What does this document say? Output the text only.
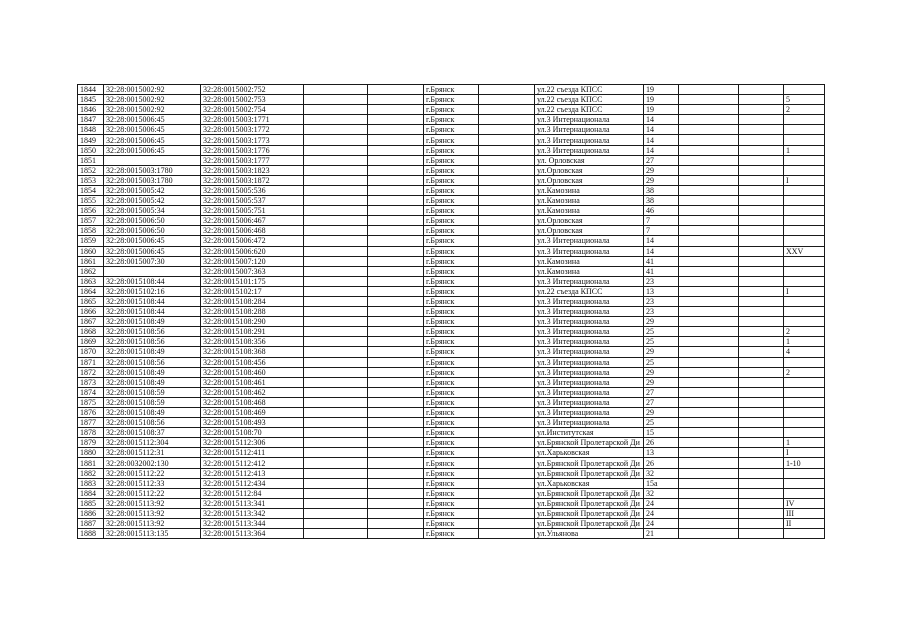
1844	32:28:0015002:92	32:28:0015002:752			г.Брянск		ул.22 съезда КПСС	19			
1845	32:28:0015002:92	32:28:0015002:753			г.Брянск		ул.22 съезда КПСС	19			5
1846	32:28:0015002:92	32:28:0015002:754			г.Брянск		ул.22 съезда КПСС	19			2
1847	32:28:0015006:45	32:28:0015003:1771			г.Брянск		ул.3 Интернационала	14			
1848	32:28:0015006:45	32:28:0015003:1772			г.Брянск		ул.3 Интернационала	14			
1849	32:28:0015006:45	32:28:0015003:1773			г.Брянск		ул.3 Интернационала	14			
1850	32:28:0015006:45	32:28:0015003:1776			г.Брянск		ул.3 Интернационала	14			1
1851		32:28:0015003:1777			г.Брянск		ул. Орловская	27			
1852	32:28:0015003:1780	32:28:0015003:1823			г.Брянск		ул.Орловская	29			
1853	32:28:0015003:1780	32:28:0015003:1872			г.Брянск		ул.Орловская	29			I
1854	32:28:0015005:42	32:28:0015005:536			г.Брянск		ул.Камозина	38			
1855	32:28:0015005:42	32:28:0015005:537			г.Брянск		ул.Камозина	38			
1856	32:28:0015005:34	32:28:0015005:751			г.Брянск		ул.Камозина	46			
1857	32:28:0015006:50	32:28:0015006:467			г.Брянск		ул.Орловская	7			
1858	32:28:0015006:50	32:28:0015006:468			г.Брянск		ул.Орловская	7			
1859	32:28:0015006:45	32:28:0015006:472			г.Брянск		ул.3 Интернационала	14			
1860	32:28:0015006:45	32:28:0015006:620			г.Брянск		ул.3 Интернационала	14			XXV
1861	32:28:0015007:30	32:28:0015007:120			г.Брянск		ул.Камозина	41			
1862		32:28:0015007:363			г.Брянск		ул.Камозина	41			
1863	32:28:0015108:44	32:28:0015101:175			г.Брянск		ул.3 Интернационала	23			
1864	32:28:0015102:16	32:28:0015102:17			г.Брянск		ул.22 съезда КПСС	13			I
1865	32:28:0015108:44	32:28:0015108:284			г.Брянск		ул.3 Интернационала	23			
1866	32:28:0015108:44	32:28:0015108:288			г.Брянск		ул.3 Интернационала	23			
1867	32:28:0015108:49	32:28:0015108:290			г.Брянск		ул.3 Интернационала	29			
1868	32:28:0015108:56	32:28:0015108:291			г.Брянск		ул.3 Интернационала	25			2
1869	32:28:0015108:56	32:28:0015108:356			г.Брянск		ул.3 Интернационала	25			1
1870	32:28:0015108:49	32:28:0015108:368			г.Брянск		ул.3 Интернационала	29			4
1871	32:28:0015108:56	32:28:0015108:456			г.Брянск		ул.3 Интернационала	25			
1872	32:28:0015108:49	32:28:0015108:460			г.Брянск		ул.3 Интернационала	29			2
1873	32:28:0015108:49	32:28:0015108:461			г.Брянск		ул.3 Интернационала	29			
1874	32:28:0015108:59	32:28:0015108:462			г.Брянск		ул.3 Интернационала	27			
1875	32:28:0015108:59	32:28:0015108:468			г.Брянск		ул.3 Интернационала	27			
1876	32:28:0015108:49	32:28:0015108:469			г.Брянск		ул.3 Интернационала	29			
1877	32:28:0015108:56	32:28:0015108:493			г.Брянск		ул.3 Интернационала	25			
1878	32:28:0015108:37	32:28:0015108:70			г.Брянск		ул.Институтская	15			
1879	32:28:0015112:304	32:28:0015112:306			г.Брянск		ул.Брянской Пролетарской Ди	26			1
1880	32:28:0015112:31	32:28:0015112:411			г.Брянск		ул.Харьковская	13			I
1881	32:28:0032002:130	32:28:0015112:412			г.Брянск		ул.Брянской Пролетарской Ди	26			1-10
1882	32:28:0015112:22	32:28:0015112:413			г.Брянск		ул.Брянской Пролетарской Ди	32			
1883	32:28:0015112:33	32:28:0015112:434			г.Брянск		ул.Харьковская	15а			
1884	32:28:0015112:22	32:28:0015112:84			г.Брянск		ул.Брянской Пролетарской Ди	32			
1885	32:28:0015113:92	32:28:0015113:341			г.Брянск		ул.Брянской Пролетарской Ди	24			IV
1886	32:28:0015113:92	32:28:0015113:342			г.Брянск		ул.Брянской Пролетарской Ди	24			III
1887	32:28:0015113:92	32:28:0015113:344			г.Брянск		ул.Брянской Пролетарской Ди	24			II
1888	32:28:0015113:135	32:28:0015113:364			г.Брянск		ул.Ульянова	21			
